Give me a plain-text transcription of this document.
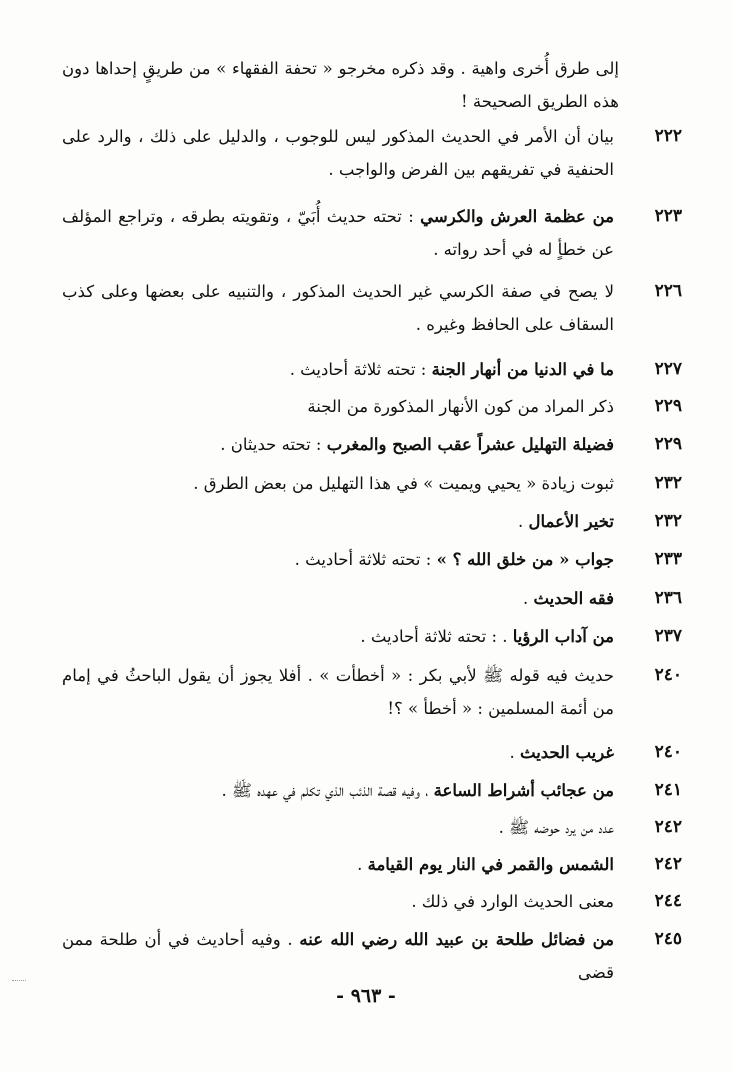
إلى طرق أُخرى واهية . وقد ذكره مخرجو « تحفة الفقهاء » من طريقٍ إحداها دون هذه الطريق الصحيحة !
٢٢٢
بيان أن الأمر في الحديث المذكور ليس للوجوب ، والدليل على ذلك ، والرد على الحنفية في تفريقهم بين الفرض والواجب .
٢٢٣
من عظمة العرش والكرسي : تحته حديث أُبَيّ ، وتقويته بطرقه ، وتراجع المؤلف عن خطأٍ له في أحد رواته .
٢٢٦
لا يصح في صفة الكرسي غير الحديث المذكور ، والتنبيه على بعضها وعلى كذب السقاف على الحافظ وغيره .
٢٢٧
ما في الدنيا من أنهار الجنة : تحته ثلاثة أحاديث .
٢٢٩
ذكر المراد من كون الأنهار المذكورة من الجنة
٢٢٩
فضيلة التهليل عشراً عقب الصبح والمغرب : تحته حديثان .
٢٣٢
ثبوت زيادة « يحيي ويميت » في هذا التهليل من بعض الطرق .
٢٣٢
تخير الأعمال .
٢٣٣
جواب « من خلق الله ؟ » : تحته ثلاثة أحاديث .
٢٣٦
فقه الحديث .
٢٣٧
من آداب الرؤيا . : تحته ثلاثة أحاديث .
٢٤٠
حديث فيه قوله ﷺ لأبي بكر : « أخطأت » . أفلا يجوز أن يقول الباحثُ في إمام من أئمة المسلمين : « أخطأ » ؟!
٢٤٠
غريب الحديث .
٢٤١
من عجائب أشراط الساعة ، وفيه قصة الذئب الذي تكلم في عهده ﷺ .
٢٤٢
عدد من يرد حوضه ﷺ .
٢٤٢
الشمس والقمر في النار يوم القيامة .
٢٤٤
معنى الحديث الوارد في ذلك .
٢٤٥
من فضائل طلحة بن عبيد الله رضي الله عنه . وفيه أحاديث في أن طلحة ممن قضى
- ٩٦٣ -
